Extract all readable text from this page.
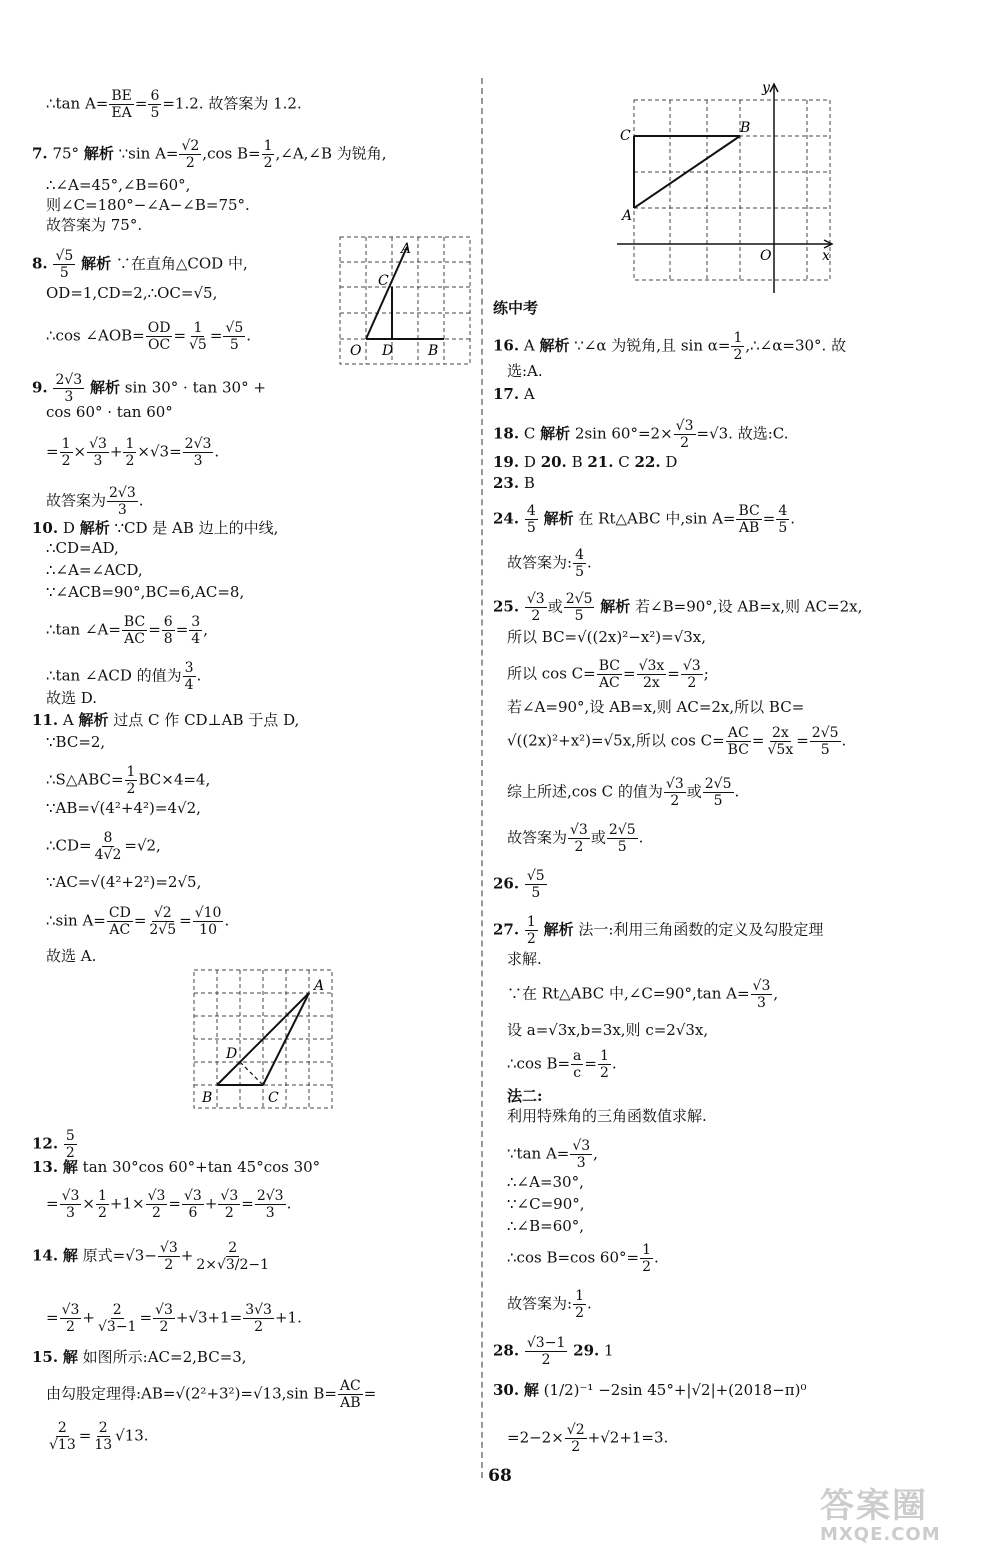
∴tan $A= \frac{BE}{EA} = \frac{6}{5} =1.2$. 故答案为 1.2.
7. 75° 解析 ∵sin $A= \frac{√2}{2} ,\cos$ $B= \frac{1}{2}$ ,∠A,∠B 为锐角,
∴∠A=45°,∠B=60°,
则∠C=180°−∠A−∠B=75°.
故答案为 75°.
8. $\frac{√5}{5}$ 解析 ∵在直角△COD 中,
OD=1,CD=2,∴OC=√5,
∴cos ∠AOB= $\frac{OD}{OC} = \frac{1}{√5} = \frac{√5}{5}$ .
9. $\frac{2√3}{3}$ 解析 sin 30° · tan 30° +
cos 60° · tan 60°
= $\frac{1}{2} \times \frac{√3}{3} + \frac{1}{2} \times√3= \frac{2√3}{3}$ .
故答案为 $\frac{2√3}{3}$ .
10. D 解析 ∵CD 是 AB 边上的中线,
∴CD=AD,
∴∠A=∠ACD,
∵∠ACB=90°,BC=6,AC=8,
∴tan ∠A= $\frac{BC}{AC} = \frac{6}{8} = \frac{3}{4}$ ,
∴tan ∠ACD 的值为 $\frac{3}{4}$ .
故选 D.
11. A 解析 过点 C 作 CD⊥AB 于点 D,
∵BC=2,
∴S△ABC= $\frac{1}{2} BC\times 4=4$,
∵AB=√(4²+4²)=4√2,
∴CD= $\frac{8}{4√2} =√2$,
∵AC=√(4²+2²)=2√5,
∴sin $A= \frac{CD}{AC} = \frac{√2}{2√5} = \frac{√10}{10}$ .
故选 A.
12. $\frac{5}{2}$
13. 解 tan 30°cos 60°+tan 45°cos 30°
= $\frac{√3}{3} \times \frac{1}{2} +1\times \frac{√3}{2} = \frac{√3}{6} + \frac{√3}{2} = \frac{2√3}{3}$ .
14. 解 原式$=√3- \frac{√3}{2} + \frac{2}{2\times√3/2-1}$
= $\frac{√3}{2} + \frac{2}{√3-1} = \frac{√3}{2} +√3+1= \frac{3√3}{2} +1$.
15. 解 如图所示:AC=2,BC=3,
由勾股定理得:AB=√(2²+3²)=√13,sin $B= \frac{AC}{AB}$ =
$\frac{2}{√13} = \frac{2}{13} √13$.
16. A 解析 ∵∠α 为锐角,且 $\sin \alpha= \frac{1}{2}$ ,∴∠α=30°. 故
选:A.
17. A
18. C 解析 2sin $60^\circ=2\times \frac{√3}{2} =√3$. 故选:C.
19. D 20. B 21. C 22. D
23. B
24. $\frac{4}{5}$ 解析 在 Rt△ABC 中,sin $A= \frac{BC}{AB} = \frac{4}{5}$ .
故答案为: $\frac{4}{5}$ .
25. $\frac{√3}{2}$ 或 $\frac{2√5}{5}$ 解析 若∠B=90°,设 AB=x,则 AC=2x,
所以 BC=√((2x)²−x²)=√3x,
所以 $\cos C= \frac{BC}{AC} = \frac{√3x}{2x} = \frac{√3}{2}$ ;
若∠A=90°,设 AB=x,则 AC=2x,所以 BC=
√((2x)²+x²)=√5x,所以 $\cos C= \frac{AC}{BC} = \frac{2x}{√5x} = \frac{2√5}{5}$ .
综上所述,cos C 的值为 $\frac{√3}{2}$ 或 $\frac{2√5}{5}$ .
故答案为 $\frac{√3}{2}$ 或 $\frac{2√5}{5}$ .
26. $\frac{√5}{5}$
27. $\frac{1}{2}$ 解析 法一:利用三角函数的定义及勾股定理
求解.
∵在 Rt△ABC 中,∠C=90°,tan $A= \frac{√3}{3}$ ,
设 a=√3x,b=3x,则 c=2√3x,
∴cos $B= \frac{a}{c} = \frac{1}{2}$ .
法二:
利用特殊角的三角函数值求解.
∵tan $A= \frac{√3}{3}$ ,
∴∠A=30°,
∵∠C=90°,
∴∠B=60°,
∴cos B=cos $60^\circ= \frac{1}{2}$ .
故答案为: $\frac{1}{2}$ .
28. $\frac{√3-1}{2} 29$. 1
30. 解 (1/2)⁻¹ −2sin 45°+|√2|+(2018−π)⁰
$=2-2\times \frac{√2}{2} +√2+1=3$.
练中考
A
C
O D B
A
D
B	C
y
B
C
A
O	x
68
答案圈
MXQE.COM
